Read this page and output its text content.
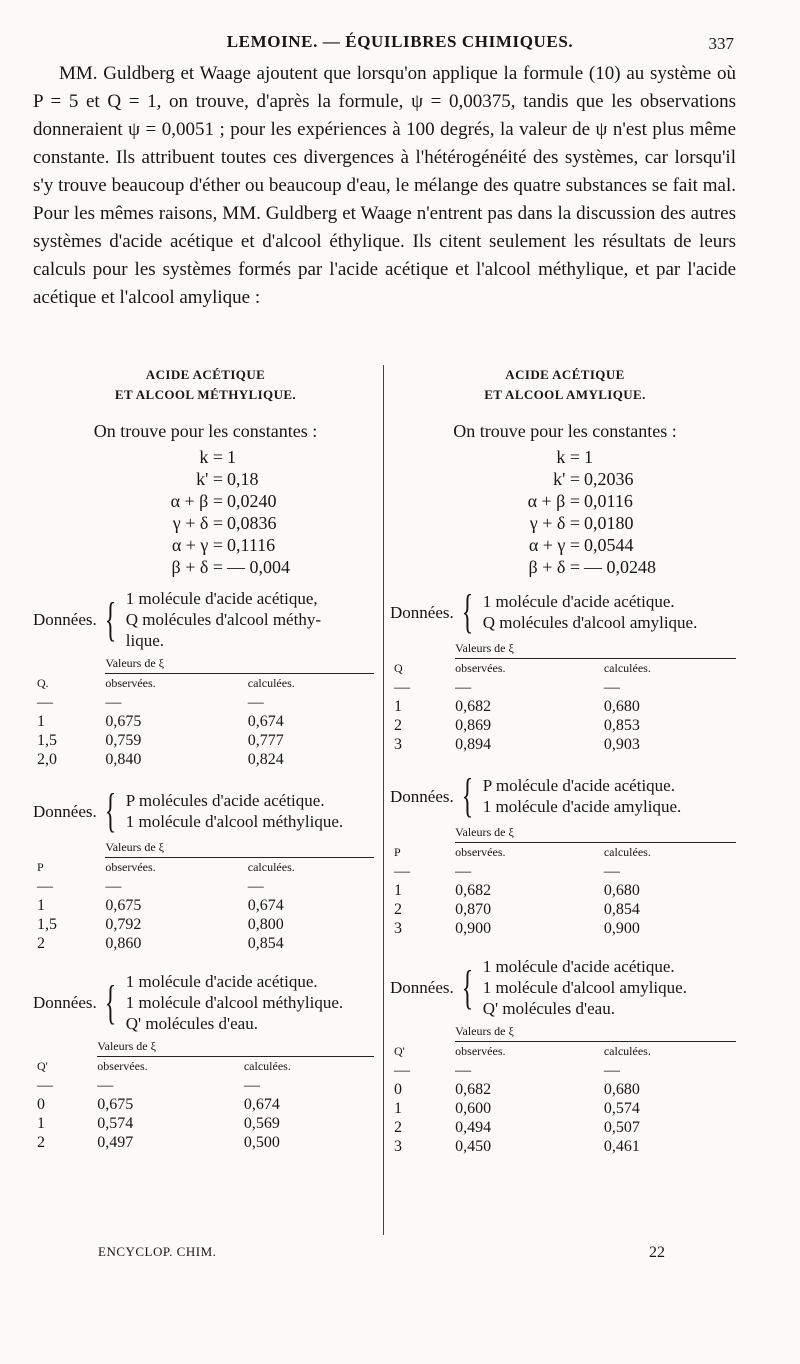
LEMOINE. — ÉQUILIBRES CHIMIQUES.	337

MM. Guldberg et Waage ajoutent que lorsqu'on applique la formule (10) au système où P = 5 et Q = 1, on trouve, d'après la formule, ψ = 0,00375, tandis que les observations donneraient ψ = 0,0051 ; pour les expériences à 100 degrés, la valeur de ψ n'est plus même constante. Ils attribuent toutes ces divergences à l'hétérogénéité des systèmes, car lorsqu'il s'y trouve beaucoup d'éther ou beaucoup d'eau, le mélange des quatre substances se fait mal. Pour les mêmes raisons, MM. Guldberg et Waage n'entrent pas dans la discussion des autres systèmes d'acide acétique et d'alcool éthylique. Ils citent seulement les résultats de leurs calculs pour les systèmes formés par l'acide acétique et l'alcool méthylique, et par l'acide acétique et l'alcool amylique :

ACIDE ACÉTIQUE
ET ALCOOL MÉTHYLIQUE.
On trouve pour les constantes :
k = 1
k' = 0,18
α + β = 0,0240
γ + δ = 0,0836
α + γ = 0,1116
β + δ = — 0,004
Données. { 1 molécule d'acide acétique,
Q molécules d'alcool méthy-
lique.

	Valeurs de ξ	

Q.	observées.	calculées.
—	—	—
1	0,675	0,674
1,5	0,759	0,777
2,0	0,840	0,824
Données. { P molécules d'acide acétique.
1 molécule d'alcool méthylique.

	Valeurs de ξ	

P	observées.	calculées.
—	—	—
1	0,675	0,674
1,5	0,792	0,800
2	0,860	0,854
Données. { 1 molécule d'acide acétique.
1 molécule d'alcool méthylique.
Q' molécules d'eau.

	Valeurs de ξ	

Q'	observées.	calculées.
—	—	—
0	0,675	0,674
1	0,574	0,569
2	0,497	0,500
ACIDE ACÉTIQUE
ET ALCOOL AMYLIQUE.
On trouve pour les constantes :
k = 1
k' = 0,2036
α + β = 0,0116
γ + δ = 0,0180
α + γ = 0,0544
β + δ = — 0,0248
Données. { 1 molécule d'acide acétique.
Q molécules d'alcool amylique.

	Valeurs de ξ	

Q	observées.	calculées.
—	—	—
1	0,682	0,680
2	0,869	0,853
3	0,894	0,903
Données. { P molécule d'acide acétique.
1 molécule d'acide amylique.

	Valeurs de ξ	

P	observées.	calculées.
—	—	—
1	0,682	0,680
2	0,870	0,854
3	0,900	0,900
Données. { 1 molécule d'acide acétique.
1 molécule d'alcool amylique.
Q' molécules d'eau.

	Valeurs de ξ	

Q'	observées.	calculées.
—	—	—
0	0,682	0,680
1	0,600	0,574
2	0,494	0,507
3	0,450	0,461
ENCYCLOP. CHIM.	22
